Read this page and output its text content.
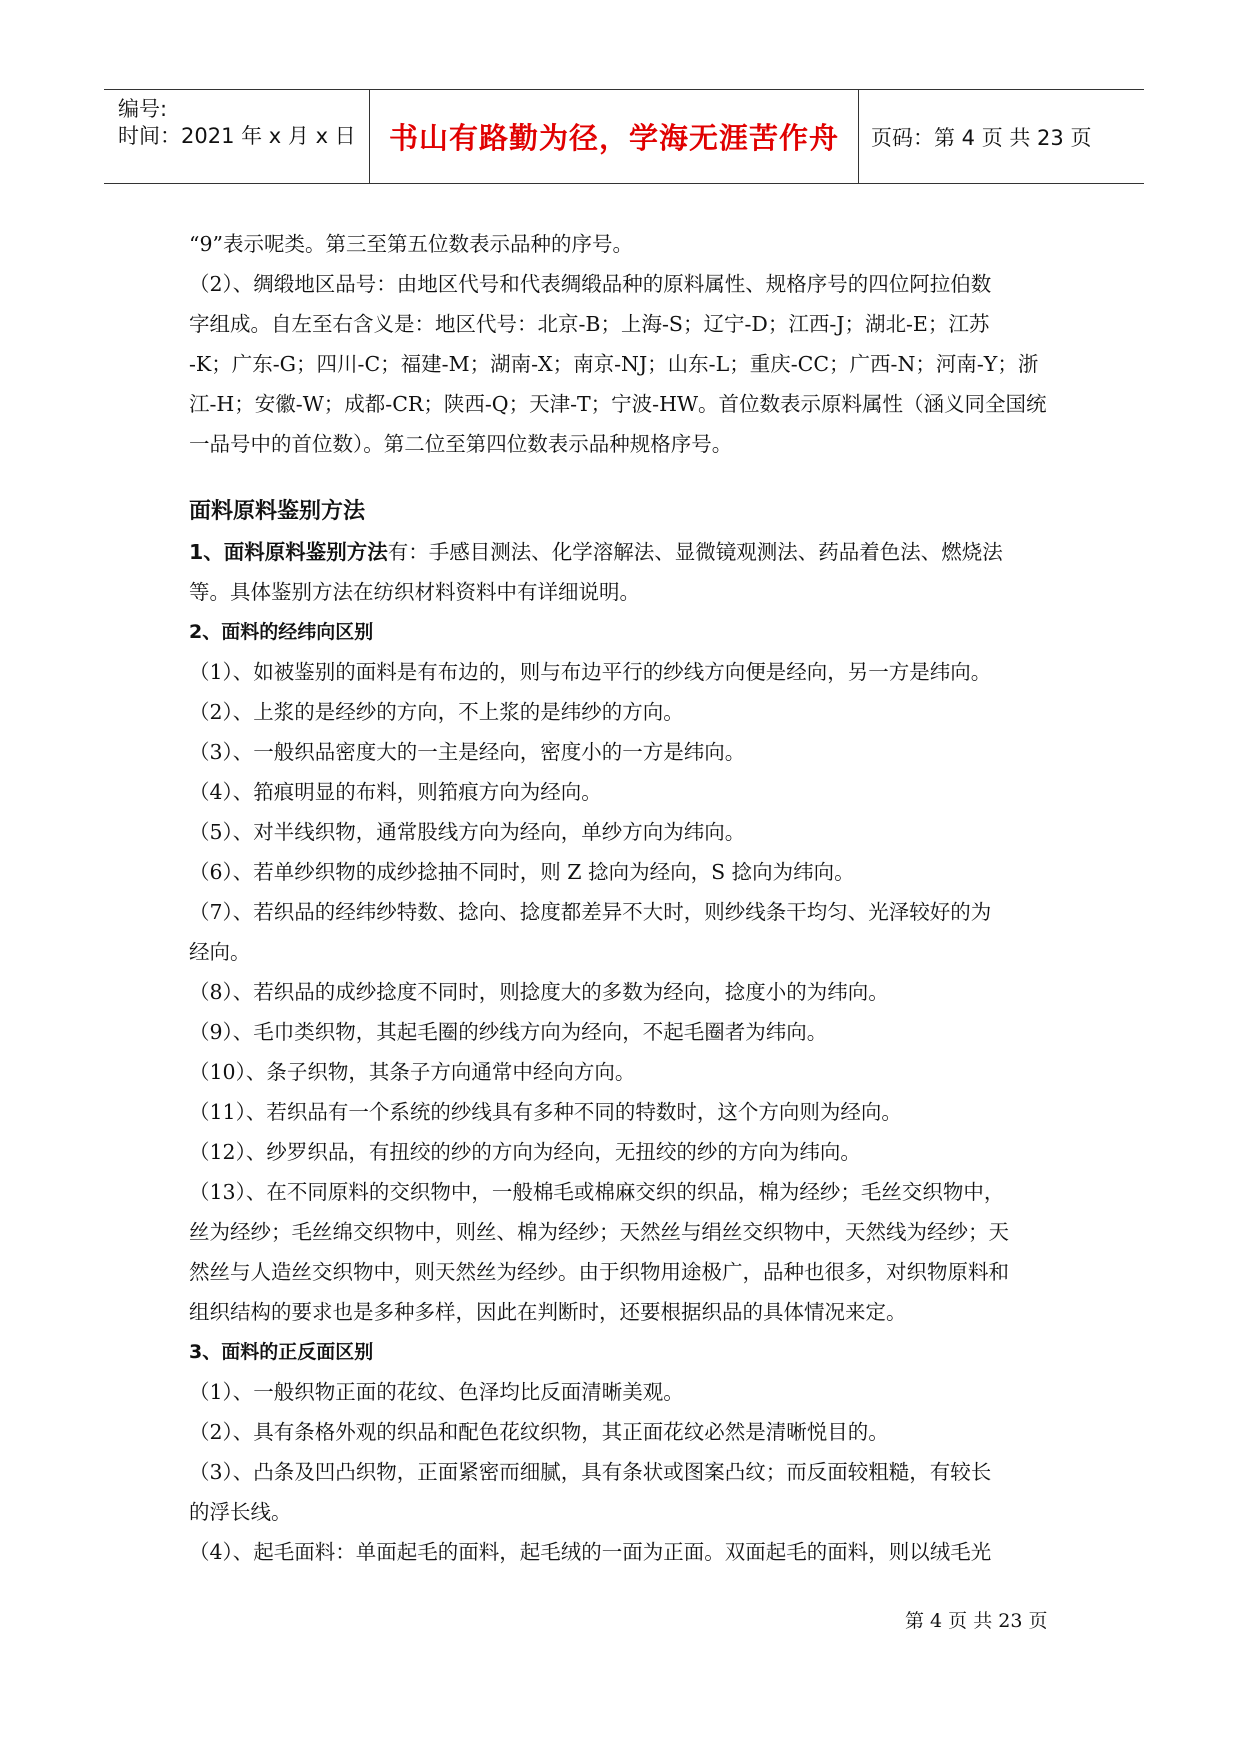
编号:
时间：2021 年 x 月 x 日 书山有路勤为径，学海无涯苦作舟 页码：第 4 页 共 23 页

“9”表示呢类。第三至第五位数表示品种的序号。

（2）、绸缎地区品号：由地区代号和代表绸缎品种的原料属性、规格序号的四位阿拉伯数

字组成。自左至右含义是：地区代号：北京-B；上海-S；辽宁-D；江西-J；湖北-E；江苏

-K；广东-G；四川-C；福建-M；湖南-X；南京-NJ；山东-L；重庆-CC；广西-N；河南-Y；浙

江-H；安徽-W；成都-CR；陕西-Q；天津-T；宁波-HW。首位数表示原料属性（涵义同全国统

一品号中的首位数）。第二位至第四位数表示品种规格序号。

面料原料鉴别方法

1、面料原料鉴别方法有：手感目测法、化学溶解法、显微镜观测法、药品着色法、燃烧法

等。具体鉴别方法在纺织材料资料中有详细说明。

2、面料的经纬向区别

（1）、如被鉴别的面料是有布边的，则与布边平行的纱线方向便是经向，另一方是纬向。

（2）、上浆的是经纱的方向，不上浆的是纬纱的方向。

（3）、一般织品密度大的一主是经向，密度小的一方是纬向。

（4）、筘痕明显的布料，则筘痕方向为经向。

（5）、对半线织物，通常股线方向为经向，单纱方向为纬向。

（6）、若单纱织物的成纱捻抽不同时，则 Z 捻向为经向，S 捻向为纬向。

（7）、若织品的经纬纱特数、捻向、捻度都差异不大时，则纱线条干均匀、光泽较好的为

经向。

（8）、若织品的成纱捻度不同时，则捻度大的多数为经向，捻度小的为纬向。

（9）、毛巾类织物，其起毛圈的纱线方向为经向，不起毛圈者为纬向。

（10）、条子织物，其条子方向通常中经向方向。

（11）、若织品有一个系统的纱线具有多种不同的特数时，这个方向则为经向。

（12）、纱罗织品，有扭绞的纱的方向为经向，无扭绞的纱的方向为纬向。

（13）、在不同原料的交织物中，一般棉毛或棉麻交织的织品，棉为经纱；毛丝交织物中，

丝为经纱；毛丝绵交织物中，则丝、棉为经纱；天然丝与绢丝交织物中，天然线为经纱；天

然丝与人造丝交织物中，则天然丝为经纱。由于织物用途极广，品种也很多，对织物原料和

组织结构的要求也是多种多样，因此在判断时，还要根据织品的具体情况来定。

3、面料的正反面区别

（1）、一般织物正面的花纹、色泽均比反面清晰美观。

（2）、具有条格外观的织品和配色花纹织物，其正面花纹必然是清晰悦目的。

（3）、凸条及凹凸织物，正面紧密而细腻，具有条状或图案凸纹；而反面较粗糙，有较长

的浮长线。

（4）、起毛面料：单面起毛的面料，起毛绒的一面为正面。双面起毛的面料，则以绒毛光

第 4 页 共 23 页
